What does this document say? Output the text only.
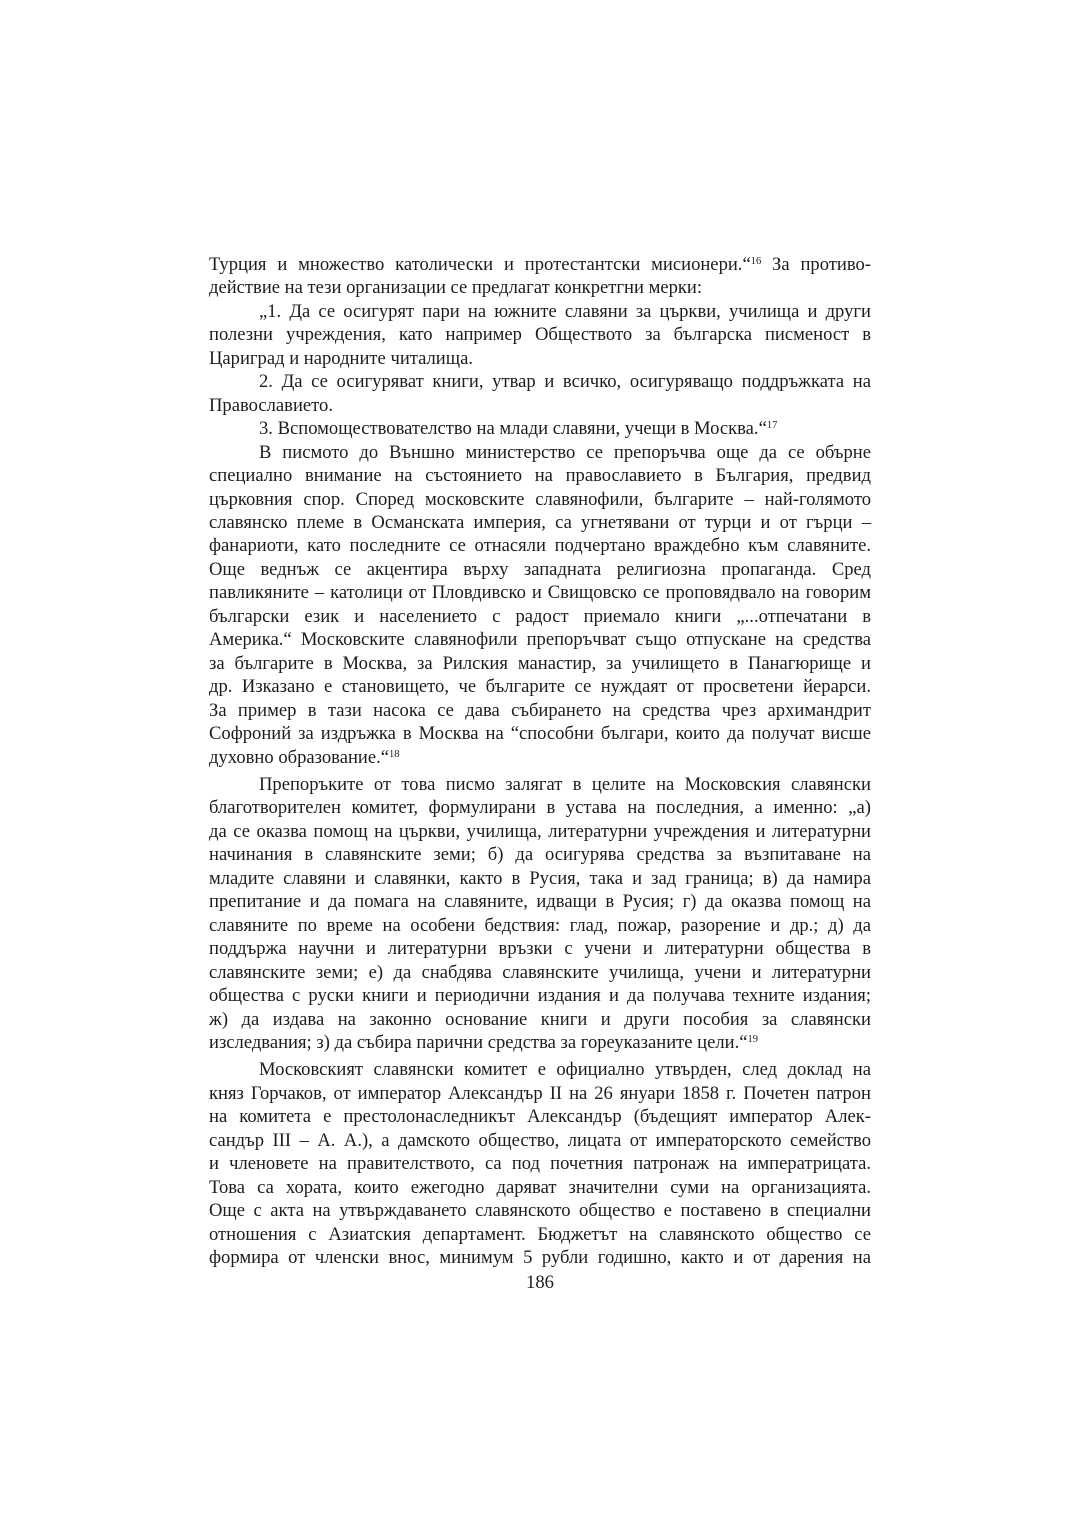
Турция и множество католически и протестантски мисионери.“$^{16}$ За противо-
действие на тези организации се предлагат конкретгни мерки:
„1. Да се осигурят пари на южните славяни за църкви, училища и други
полезни учреждения, като например Обществото за българска писменост в
Цариград и народните читалища.
2. Да се осигуряват книги, утвар и всичко, осигуряващо поддръжката на
Православието.
3. Вспомоществователство на млади славяни, учещи в Москва.“$^{17}$
В писмото до Външно министерство се препоръчва още да се обърне
специално внимание на състоянието на православието в България, предвид
църковния спор. Според московските славянофили, българите – най-голямото
славянско племе в Османската империя, са угнетявани от турци и от гърци –
фанариоти, като последните се отнасяли подчертано враждебно към славяните.
Още веднъж се акцентира върху западната религиозна пропаганда. Сред
павликяните – католици от Пловдивско и Свищовско се проповядвало на говорим
български език и населението с радост приемало книги „...отпечатани в
Америка.“ Московските славянофили препоръчват също отпускане на средства
за българите в Москва, за Рилския манастир, за училището в Панагюрище и
др. Изказано е становището, че българите се нуждаят от просветени йерарси.
За пример в тази насока се дава събирането на средства чрез архимандрит
Софроний за издръжка в Москва на “способни българи, които да получат висше
духовно образование.“$^{18}$
Препоръките от това писмо залягат в целите на Московския славянски
благотворителен комитет, формулирани в устава на последния, а именно: „а)
да се оказва помощ на църкви, училища, литературни учреждения и литературни
начинания в славянските земи; б) да осигурява средства за възпитаване на
младите славяни и славянки, както в Русия, така и зад граница; в) да намира
препитание и да помага на славяните, идващи в Русия; г) да оказва помощ на
славяните по време на особени бедствия: глад, пожар, разорение и др.; д) да
поддържа научни и литературни връзки с учени и литературни общества в
славянските земи; е) да снабдява славянските училища, учени и литературни
общества с руски книги и периодични издания и да получава техните издания;
ж) да издава на законно основание книги и други пособия за славянски
изследвания; з) да събира парични средства за гореуказаните цели.“$^{19}$
Московският славянски комитет е официално утвърден, след доклад на
княз Горчаков, от император Александър II на 26 януари 1858 г. Почетен патрон
на комитета е престолонаследникът Александър (бъдещият император Алек-
сандър III – А. А.), а дамското общество, лицата от императорското семейство
и членовете на правителството, са под почетния патронаж на императрицата.
Това са хората, които ежегодно даряват значителни суми на организацията.
Още с акта на утвърждаването славянското общество е поставено в специални
отношения с Азиатския департамент. Бюджетът на славянското общество се
формира от членски внос, минимум 5 рубли годишно, както и от дарения на
186
